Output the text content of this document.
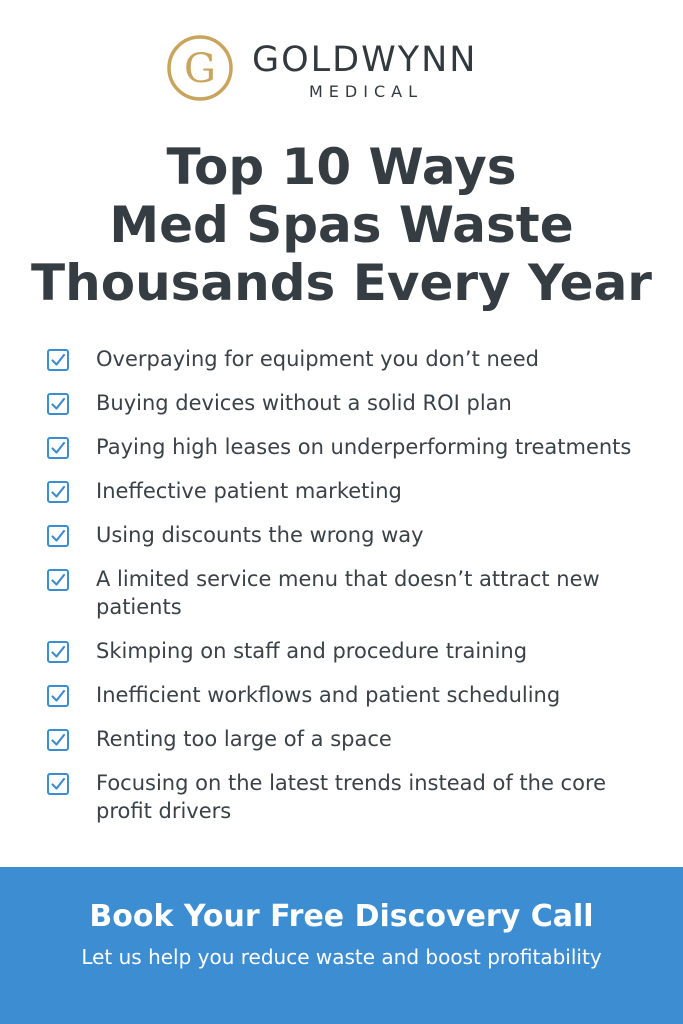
G GOLDWYNN
MEDICAL
Top 10 Ways
Med Spas Waste
Thousands Every Year
Overpaying for equipment you don’t need
Buying devices without a solid ROI plan
Paying high leases on underperforming treatments
Ineffective patient marketing
Using discounts the wrong way
A limited service menu that doesn’t attract new patients
Skimping on staff and procedure training
Inefficient workflows and patient scheduling
Renting too large of a space
Focusing on the latest trends instead of the core profit drivers
Book Your Free Discovery Call
Let us help you reduce waste and boost profitability
